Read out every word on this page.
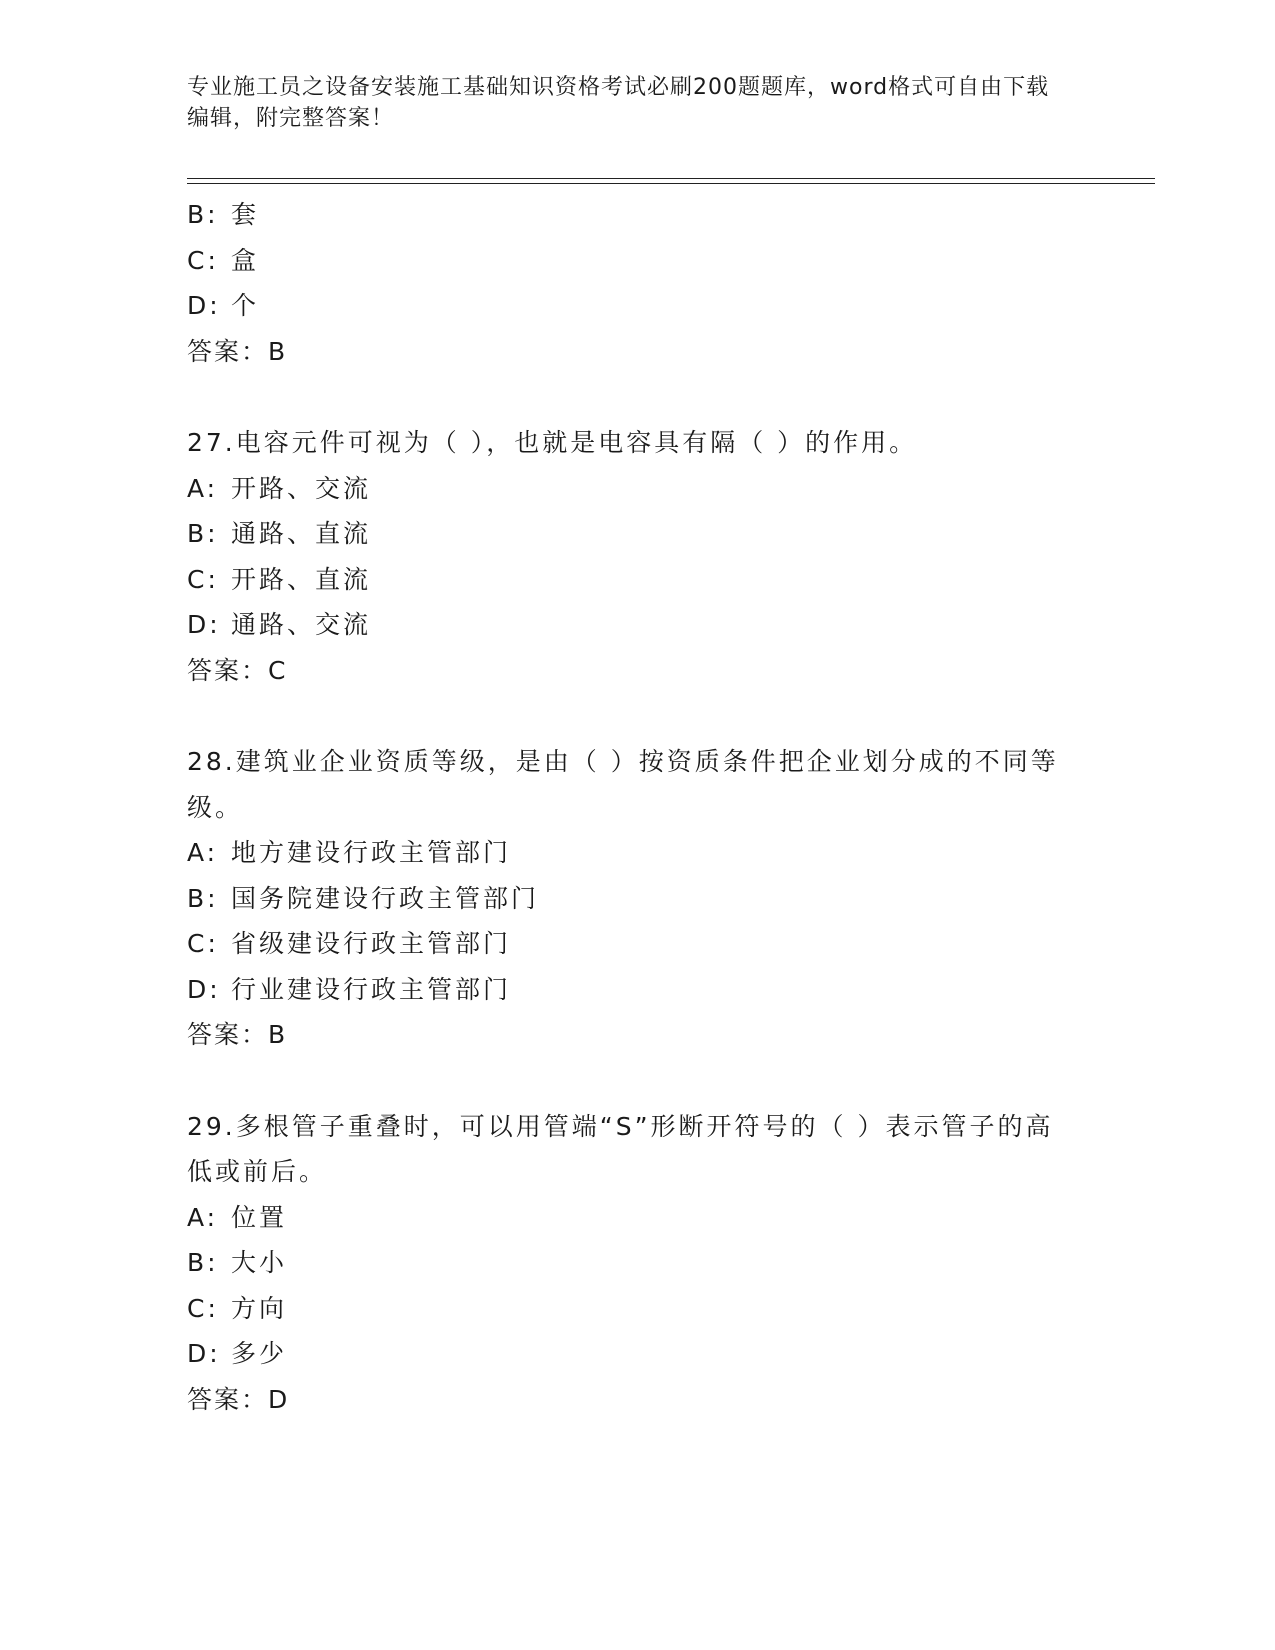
专业施工员之设备安装施工基础知识资格考试必刷200题题库，word格式可自由下载编辑，附完整答案！
B: 套
C: 盒
D: 个
答案：B
27.电容元件可视为（ ），也就是电容具有隔（ ）的作用。
A: 开路、交流
B: 通路、直流
C: 开路、直流
D: 通路、交流
答案：C
28.建筑业企业资质等级，是由（ ）按资质条件把企业划分成的不同等级。
A: 地方建设行政主管部门
B: 国务院建设行政主管部门
C: 省级建设行政主管部门
D: 行业建设行政主管部门
答案：B
29.多根管子重叠时，可以用管端“S”形断开符号的（ ）表示管子的高低或前后。
A: 位置
B: 大小
C: 方向
D: 多少
答案：D
